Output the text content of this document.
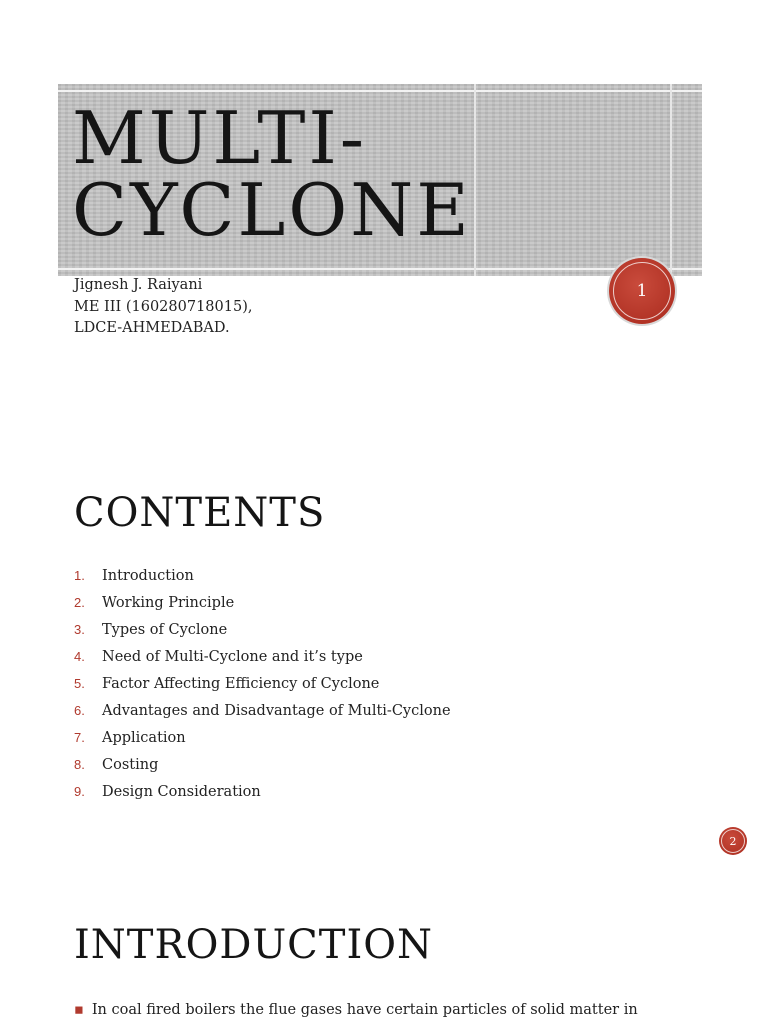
MULTI-
CYCLONE
Jignesh J. Raiyani
ME III (160280718015),
LDCE-AHMEDABAD.
1
CONTENTS
1.	Introduction
2.	Working Principle
3.	Types of Cyclone
4.	Need of Multi-Cyclone and it’s type
5.	Factor Affecting Efficiency of Cyclone
6.	Advantages and Disadvantage of Multi-Cyclone
7.	Application
8.	Costing
9.	Design Consideration
2
INTRODUCTION
▪ In coal fired boilers the flue gases have certain particles of solid matter in
